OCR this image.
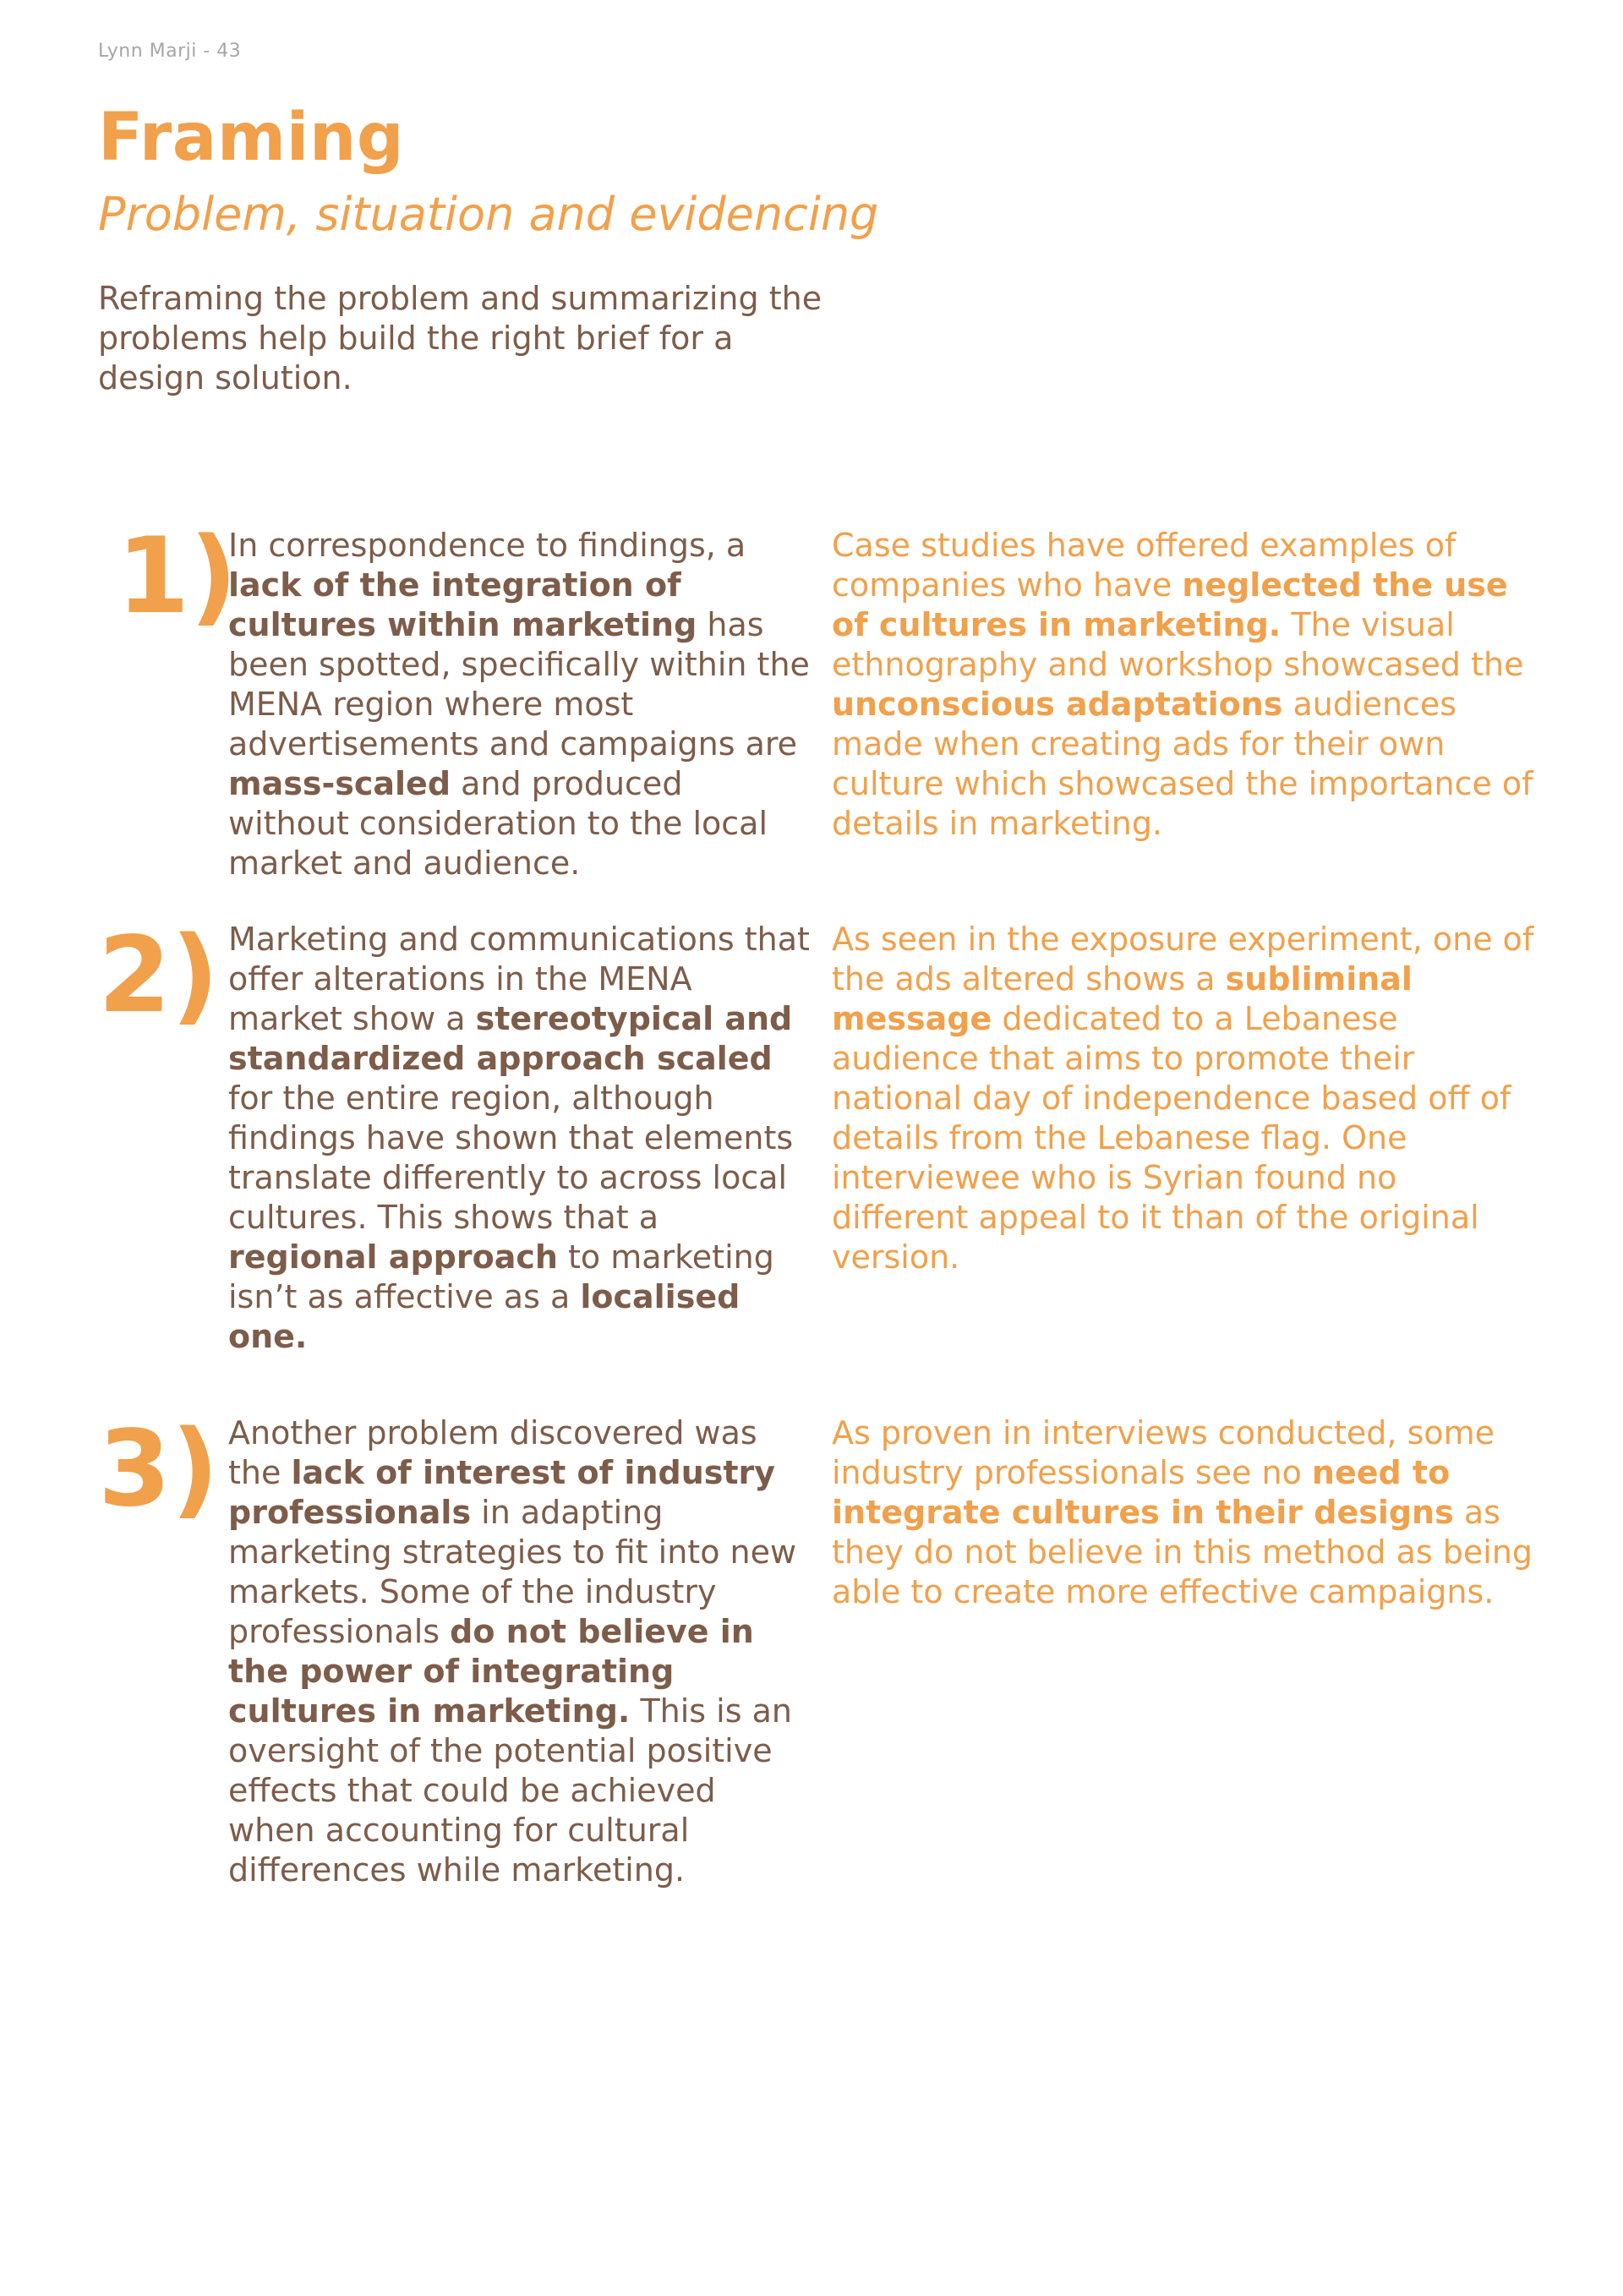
Lynn Marji - 43
Framing
Problem, situation and evidencing

Reframing the problem and summarizing the problems help build the right brief for a design solution.

1)

In correspondence to findings, a lack of the integration of cultures within marketing has been spotted, specifically within the MENA region where most advertisements and campaigns are mass-scaled and produced without consideration to the local market and audience.

Case studies have offered examples of companies who have neglected the use of cultures in marketing. The visual ethnography and workshop showcased the unconscious adaptations audiences made when creating ads for their own culture which showcased the importance of details in marketing.

2) Marketing and communications that offer alterations in the MENA market show a stereotypical and standardized approach scaled for the entire region, although findings have shown that elements translate differently to across local cultures. This shows that a regional approach to marketing isn’t as affective as a localised one.

As seen in the exposure experiment, one of the ads altered shows a subliminal message dedicated to a Lebanese audience that aims to promote their national day of independence based off of details from the Lebanese flag. One interviewee who is Syrian found no different appeal to it than of the original version.

3) Another problem discovered was the lack of interest of industry professionals in adapting marketing strategies to fit into new markets. Some of the industry professionals do not believe in the power of integrating cultures in marketing. This is an oversight of the potential positive effects that could be achieved when accounting for cultural differences while marketing.

As proven in interviews conducted, some industry professionals see no need to integrate cultures in their designs as they do not believe in this method as being able to create more effective campaigns.
